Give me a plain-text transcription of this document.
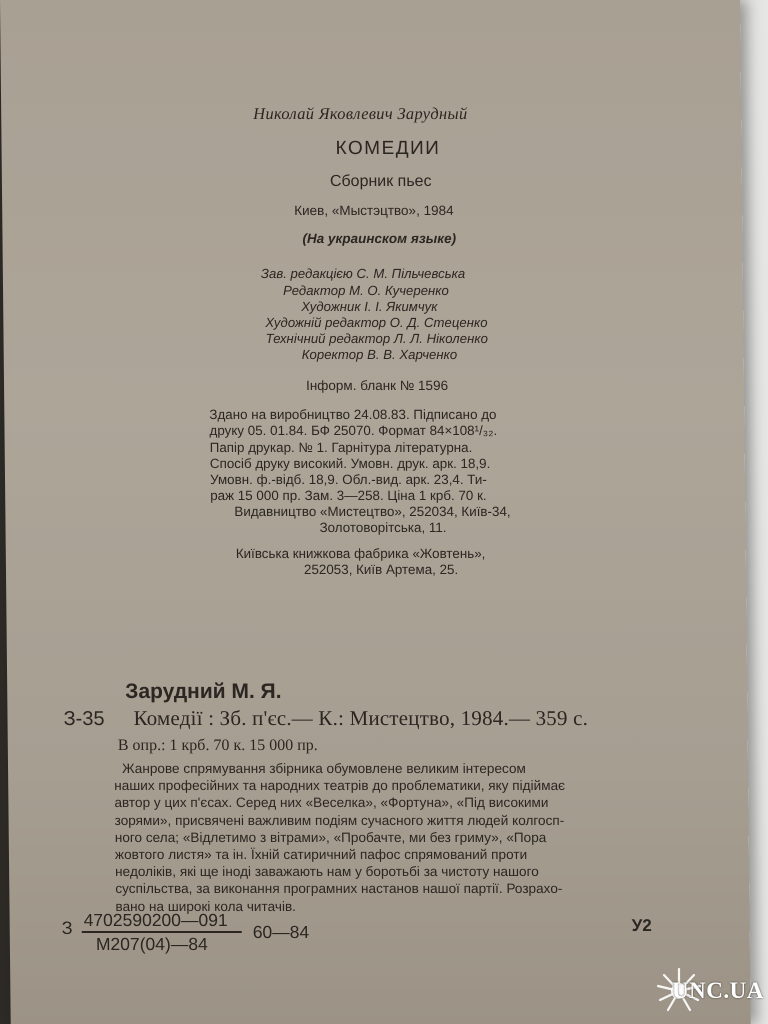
Николай Яковлевич Зарудный
КОМЕДИИ
Сборник пьес
Киев, «Мыстэцтво», 1984
(На украинском языке)
Зав. редакцією С. М. Пільчевська
Редактор М. О. Кучеренко
Художник І. І. Якимчук
Художній редактор О. Д. Стеценко
Технічний редактор Л. Л. Ніколенко
Коректор В. В. Харченко
Інформ. бланк № 1596
Здано на виробництво 24.08.83. Підписано до
друку 05. 01.84. БФ 25070. Формат 84×108¹/₃₂.
Папір друкар. № 1. Гарнітура літературна.
Спосіб друку високий. Умовн. друк. арк. 18,9.
Умовн. ф.-відб. 18,9. Обл.-вид. арк. 23,4. Ти-
раж 15 000 пр. Зам. 3—258. Ціна 1 крб. 70 к.
Видавництво «Мистецтво», 252034, Київ-34,
Золотоворітська, 11.
Київська книжкова фабрика «Жовтень»,
252053, Київ Артема, 25.
Зарудний М. Я.
З-35 Комедії : Зб. п'єс.— К.: Мистецтво, 1984.— 359 с.
В опр.: 1 крб. 70 к. 15 000 пр.
Жанрове спрямування збірника обумовлене великим інтересом
наших професійних та народних театрів до проблематики, яку підіймає
автор у цих п'єсах. Серед них «Веселка», «Фортуна», «Під високими
зорями», присвячені важливим подіям сучасного життя людей колгосп-
ного села; «Відлетимо з вітрами», «Пробачте, ми без гриму», «Пора
жовтого листя» та ін. Їхній сатиричний пафос спрямований проти
недоліків, які ще іноді заважають нам у боротьбі за чистоту нашого
суспільства, за виконання програмних настанов нашої партії. Розрахо-
вано на широкі кола читачів.
З 4702590200—091
М207(04)—84
60—84	У2
UNC.UA
